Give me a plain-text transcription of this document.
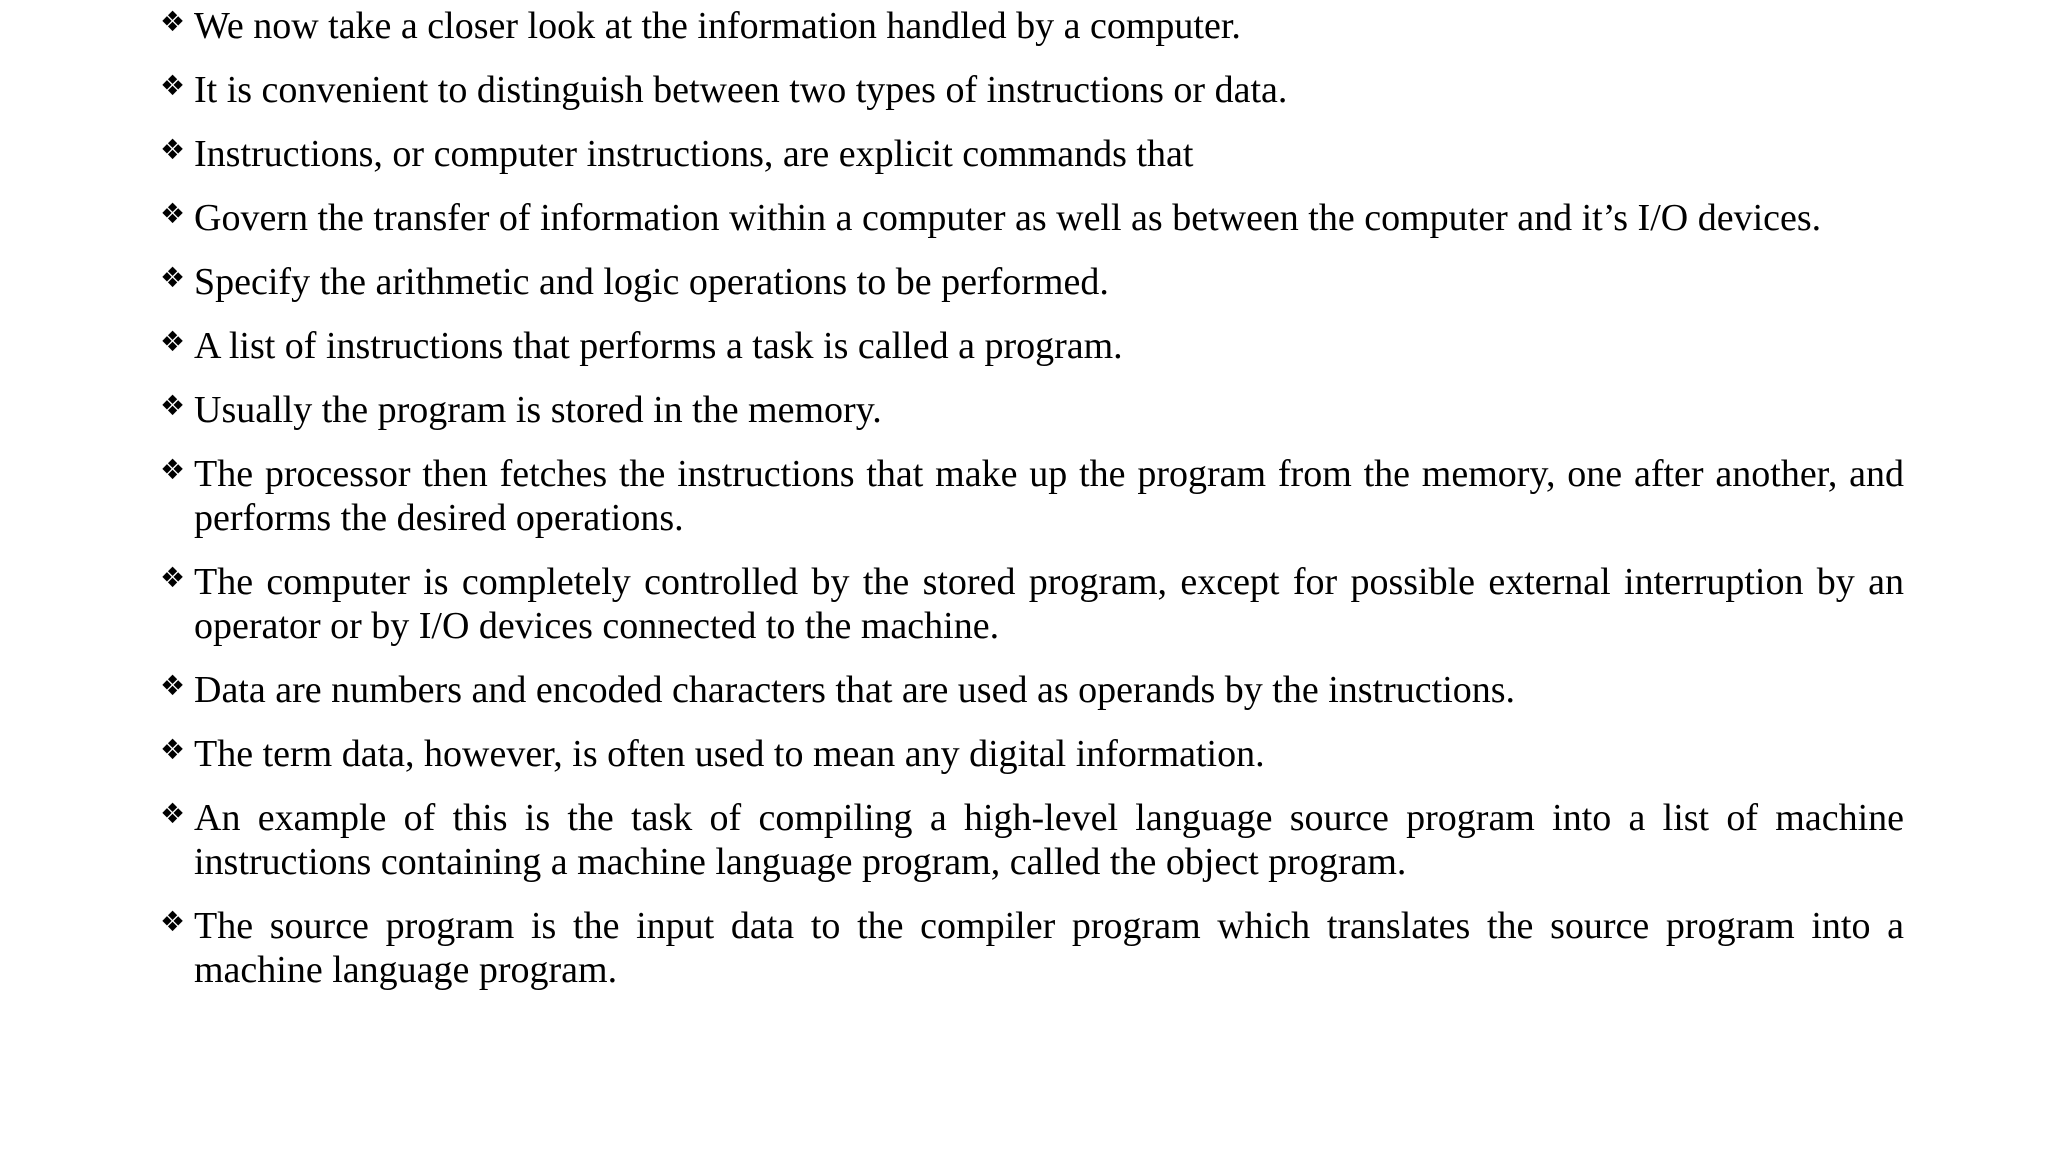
❖ We now take a closer look at the information handled by a computer.
❖ It is convenient to distinguish between two types of instructions or data.
❖ Instructions, or computer instructions, are explicit commands that
❖ Govern the transfer of information within a computer as well as between the computer and it’s I/O devices.
❖ Specify the arithmetic and logic operations to be performed.
❖ A list of instructions that performs a task is called a program.
❖ Usually the program is stored in the memory.
❖ The processor then fetches the instructions that make up the program from the memory, one after another, and performs the desired operations.
❖ The computer is completely controlled by the stored program, except for possible external interruption by an operator or by I/O devices connected to the machine.
❖ Data are numbers and encoded characters that are used as operands by the instructions.
❖ The term data, however, is often used to mean any digital information.
❖ An example of this is the task of compiling a high-level language source program into a list of machine instructions containing a machine language program, called the object program.
❖ The source program is the input data to the compiler program which translates the source program into a machine language program.
